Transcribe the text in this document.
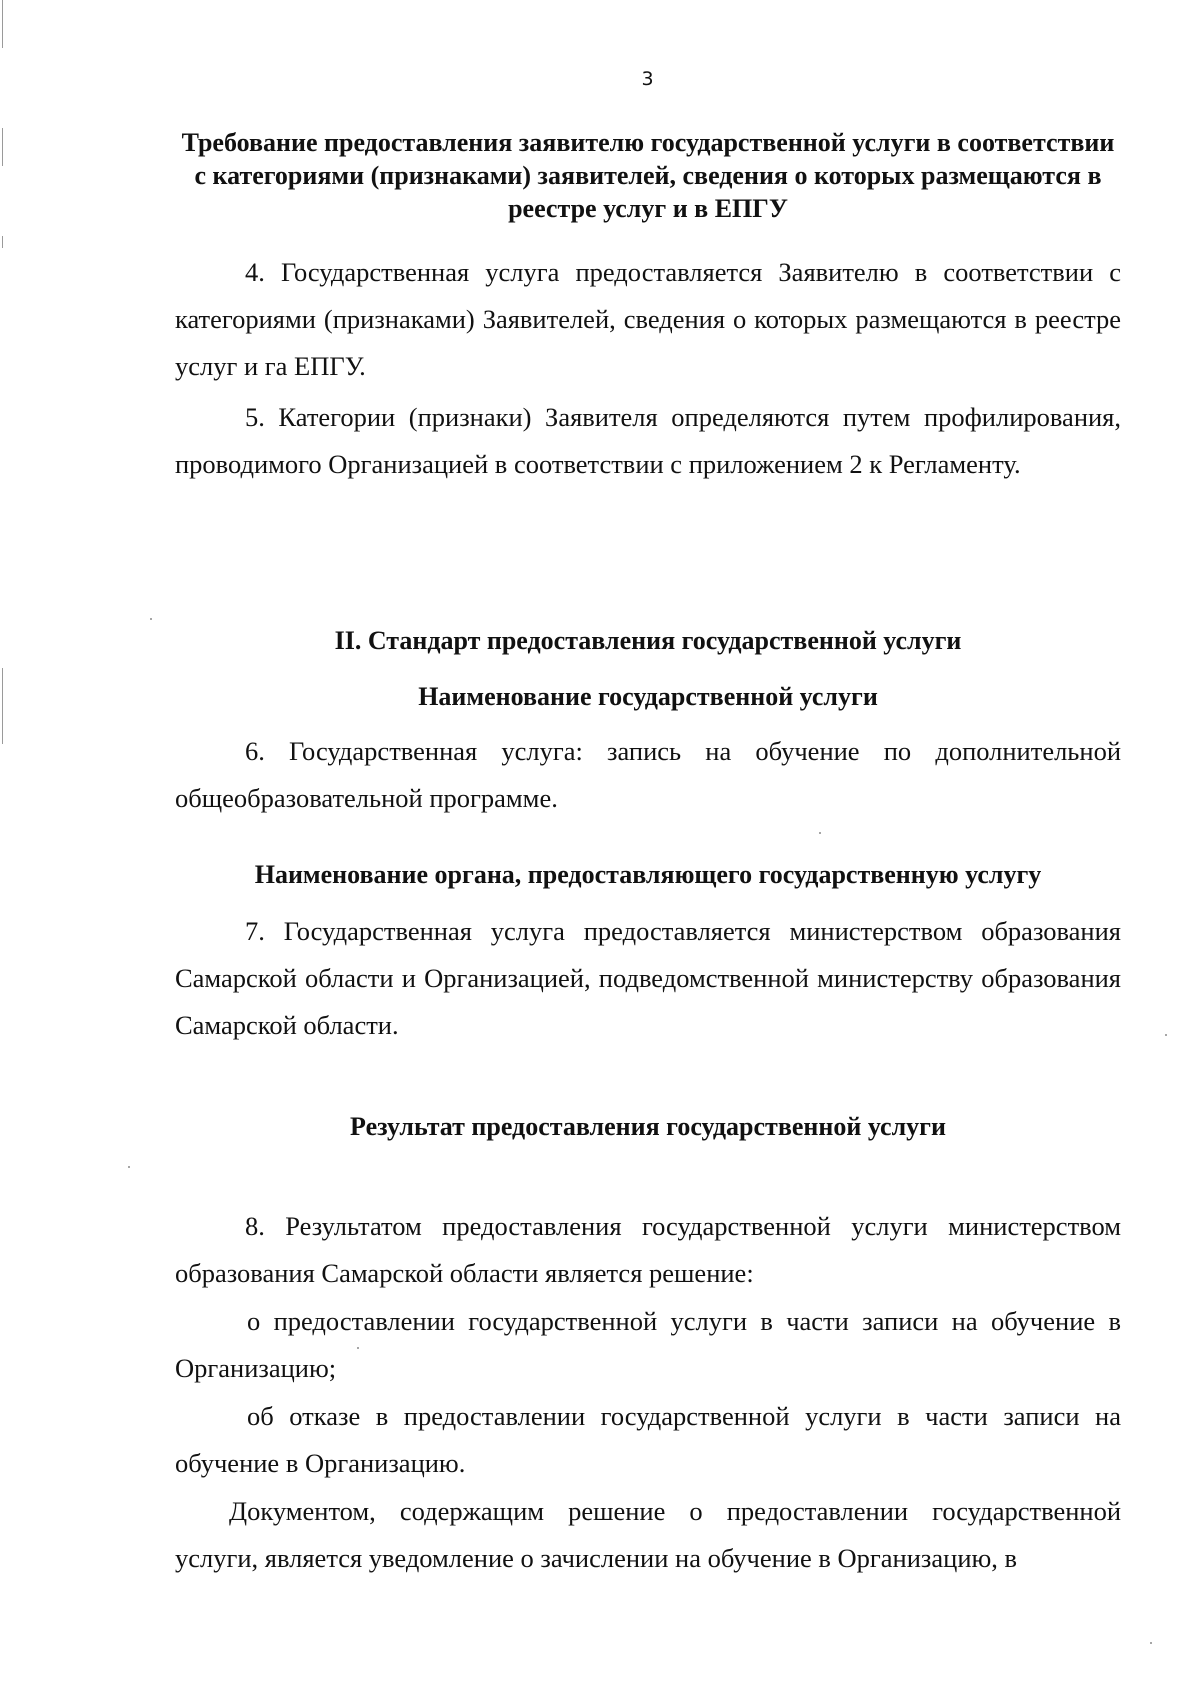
3
Требование предоставления заявителю государственной услуги в соответствии с категориями (признаками) заявителей, сведения о которых размещаются в реестре услуг и в ЕПГУ

4. Государственная услуга предоставляется Заявителю в соответствии с категориями (признаками) Заявителей, сведения о которых размещаются в реестре услуг и га ЕПГУ.

5. Категории (признаки) Заявителя определяются путем профилирования, проводимого Организацией в соответствии с приложением 2 к Регламенту.

II. Стандарт предоставления государственной услуги
Наименование государственной услуги

6. Государственная услуга: запись на обучение по дополнительной общеобразовательной программе.

Наименование органа, предоставляющего государственную услугу

7. Государственная услуга предоставляется министерством образования Самарской области и Организацией, подведомственной министерству образования Самарской области.

Результат предоставления государственной услуги

8. Результатом предоставления государственной услуги министерством образования Самарской области является решение:

о предоставлении государственной услуги в части записи на обучение в Организацию;

об отказе в предоставлении государственной услуги в части записи на обучение в Организацию.

Документом, содержащим решение о предоставлении государственной услуги, является уведомление о зачислении на обучение в Организацию, в
